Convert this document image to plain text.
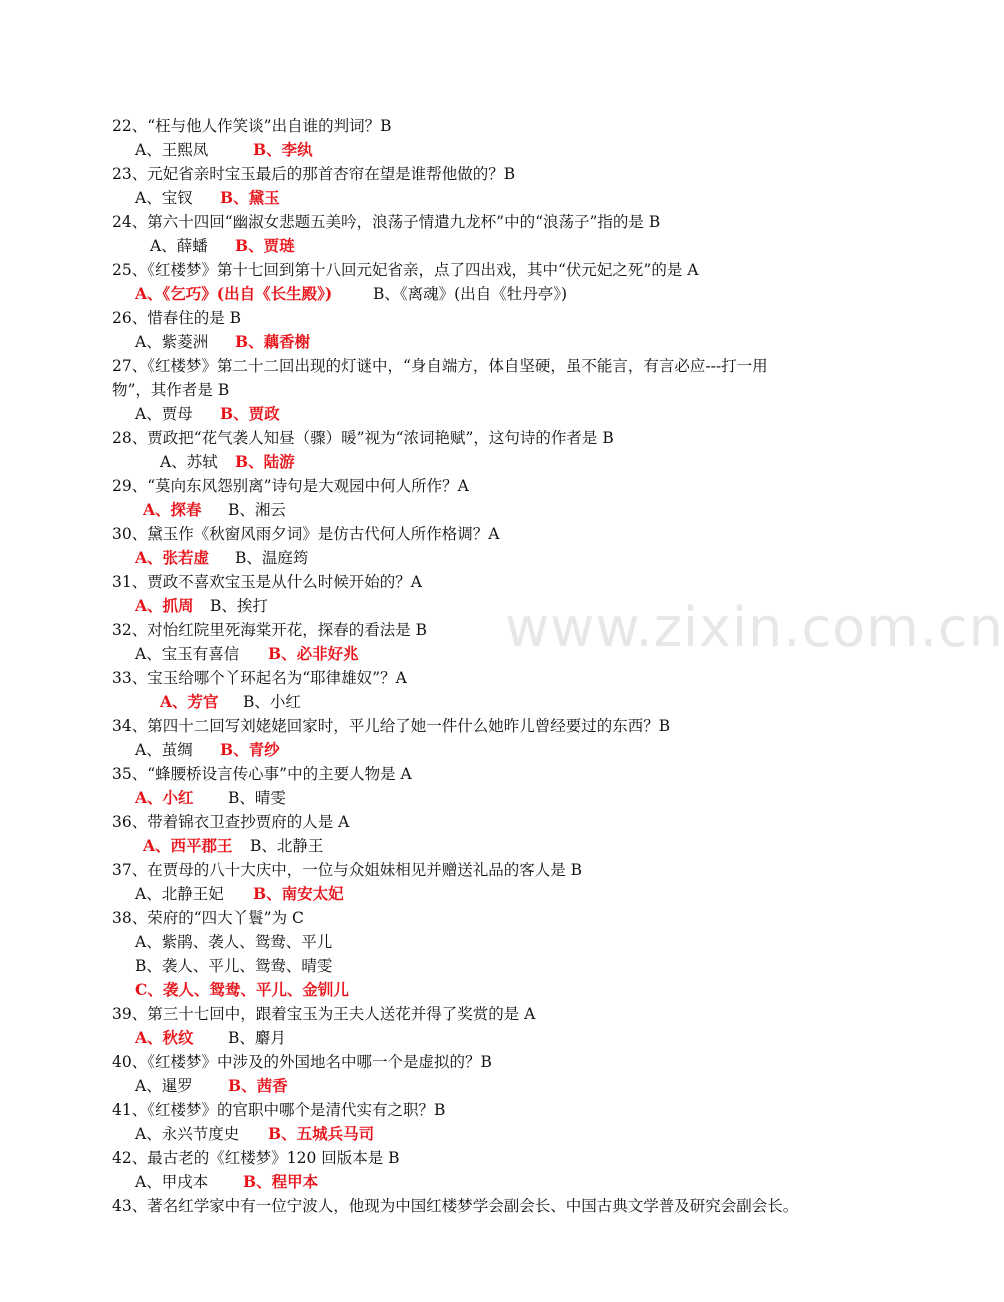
www.zixin.com.cn
22、“枉与他人作笑谈”出自谁的判词？B
A、王熙凤	B、李纨
23、元妃省亲时宝玉最后的那首杏帘在望是谁帮他做的？B
A、宝钗 B、黛玉
24、第六十四回“幽淑女悲题五美吟，浪荡子情遣九龙杯”中的“浪荡子”指的是 B
A、薛蟠 B、贾琏
25、《红楼梦》第十七回到第十八回元妃省亲，点了四出戏，其中“伏元妃之死”的是 A
A、《乞巧》(出自《长生殿》)	B、《离魂》(出自《牡丹亭》)
26、惜春住的是 B
A、紫菱洲 B、藕香榭
27、《红楼梦》第二十二回出现的灯谜中，“身自端方，体自坚硬，虽不能言，有言必应---打一用
物”，其作者是 B
A、贾母 B、贾政
28、贾政把“花气袭人知昼（骤）暖”视为“浓词艳赋”，这句诗的作者是 B
A、苏轼 B、陆游
29、“莫向东风怨别离”诗句是大观园中何人所作？A
A、探春 B、湘云
30、黛玉作《秋窗风雨夕词》是仿古代何人所作格调？A
A、张若虚 B、温庭筠
31、贾政不喜欢宝玉是从什么时候开始的？A
A、抓周 B、挨打
32、对怡红院里死海棠开花，探春的看法是 B
A、宝玉有喜信 B、必非好兆
33、宝玉给哪个丫环起名为“耶律雄奴”？A
A、芳官 B、小红
34、第四十二回写刘姥姥回家时，平儿给了她一件什么她昨儿曾经要过的东西？B
A、茧绸 B、青纱
35、“蜂腰桥设言传心事”中的主要人物是 A
A、小红 B、晴雯
36、带着锦衣卫查抄贾府的人是 A
A、西平郡王 B、北静王
37、在贾母的八十大庆中，一位与众姐妹相见并赠送礼品的客人是 B
A、北静王妃 B、南安太妃
38、荣府的“四大丫鬟”为 C
A、紫鹃、袭人、鸳鸯、平儿
B、袭人、平儿、鸳鸯、晴雯
C、袭人、鸳鸯、平儿、金钏儿
39、第三十七回中，跟着宝玉为王夫人送花并得了奖赏的是 A
A、秋纹 B、麝月
40、《红楼梦》中涉及的外国地名中哪一个是虚拟的？B
A、暹罗 B、茜香
41、《红楼梦》的官职中哪个是清代实有之职？B
A、永兴节度史 B、五城兵马司
42、最古老的《红楼梦》120 回版本是 B
A、甲戌本 B、程甲本
43、著名红学家中有一位宁波人，他现为中国红楼梦学会副会长、中国古典文学普及研究会副会长。
